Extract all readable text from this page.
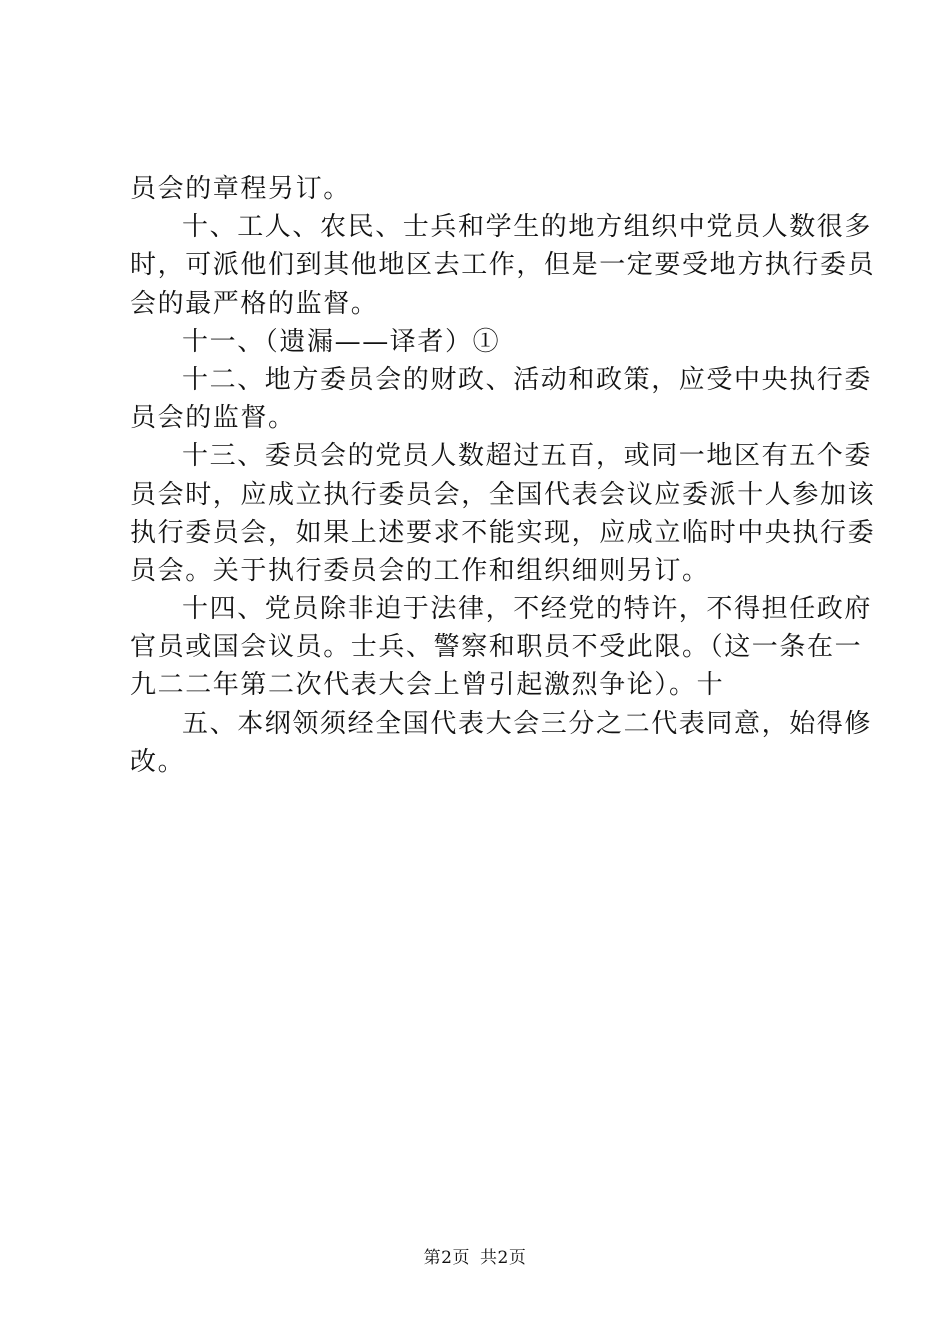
员会的章程另订。
十、工人、农民、士兵和学生的地方组织中党员人数很多
时，可派他们到其他地区去工作，但是一定要受地方执行委员
会的最严格的监督。
十一、（遗漏——译者）①
十二、地方委员会的财政、活动和政策，应受中央执行委
员会的监督。
十三、委员会的党员人数超过五百，或同一地区有五个委
员会时，应成立执行委员会，全国代表会议应委派十人参加该
执行委员会，如果上述要求不能实现，应成立临时中央执行委
员会。关于执行委员会的工作和组织细则另订。
十四、党员除非迫于法律，不经党的特许，不得担任政府
官员或国会议员。士兵、警察和职员不受此限。（这一条在一
九二二年第二次代表大会上曾引起激烈争论）。十
五、本纲领须经全国代表大会三分之二代表同意，始得修
改。
第2页 共2页
